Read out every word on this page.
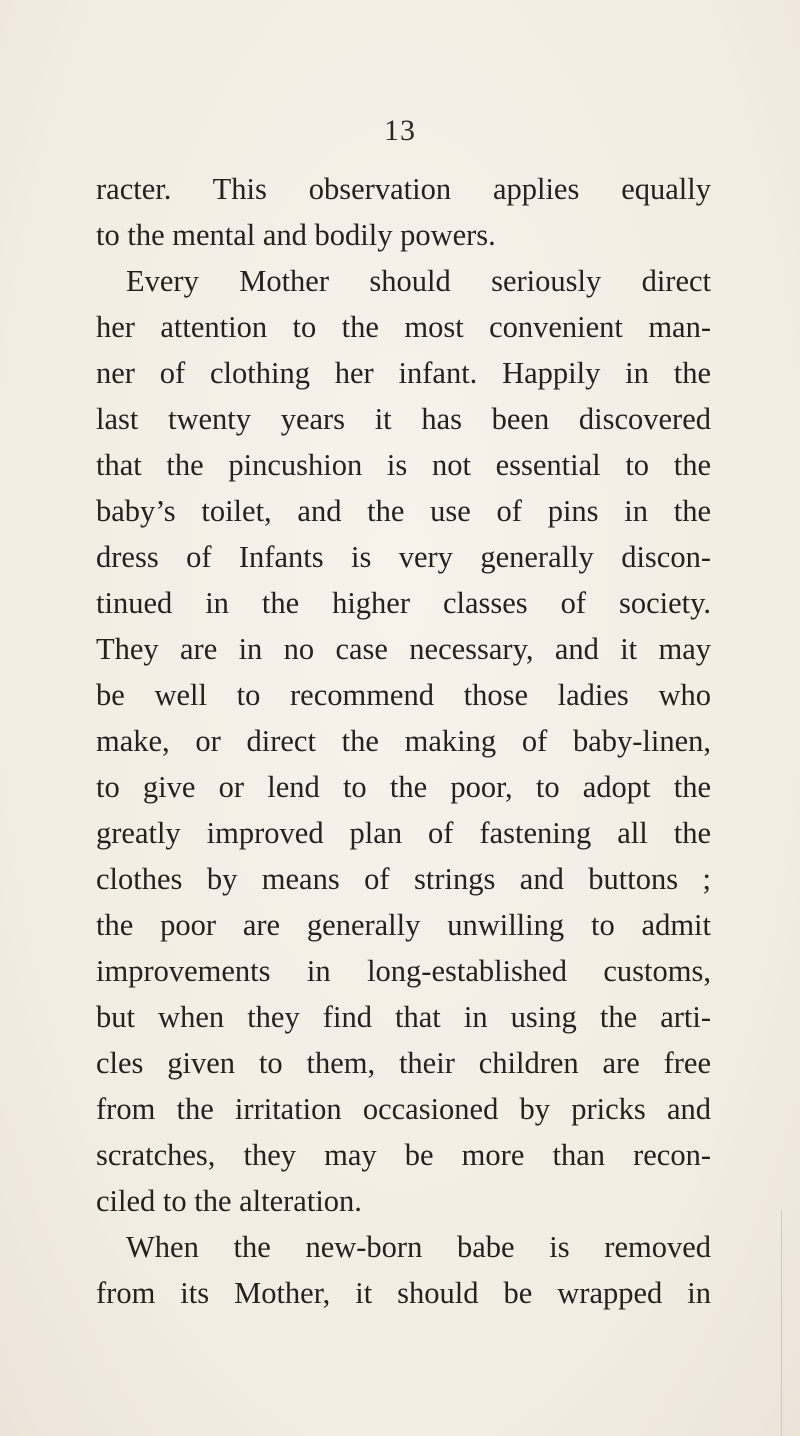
13
racter. This observation applies equally
to the mental and bodily powers.
Every Mother should seriously direct
her attention to the most convenient man-
ner of clothing her infant. Happily in the
last twenty years it has been discovered
that the pincushion is not essential to the
baby’s toilet, and the use of pins in the
dress of Infants is very generally discon-
tinued in the higher classes of society.
They are in no case necessary, and it may
be well to recommend those ladies who
make, or direct the making of baby-linen,
to give or lend to the poor, to adopt the
greatly improved plan of fastening all the
clothes by means of strings and buttons ;
the poor are generally unwilling to admit
improvements in long-established customs,
but when they find that in using the arti-
cles given to them, their children are free
from the irritation occasioned by pricks and
scratches, they may be more than recon-
ciled to the alteration.
When the new-born babe is removed
from its Mother, it should be wrapped in
